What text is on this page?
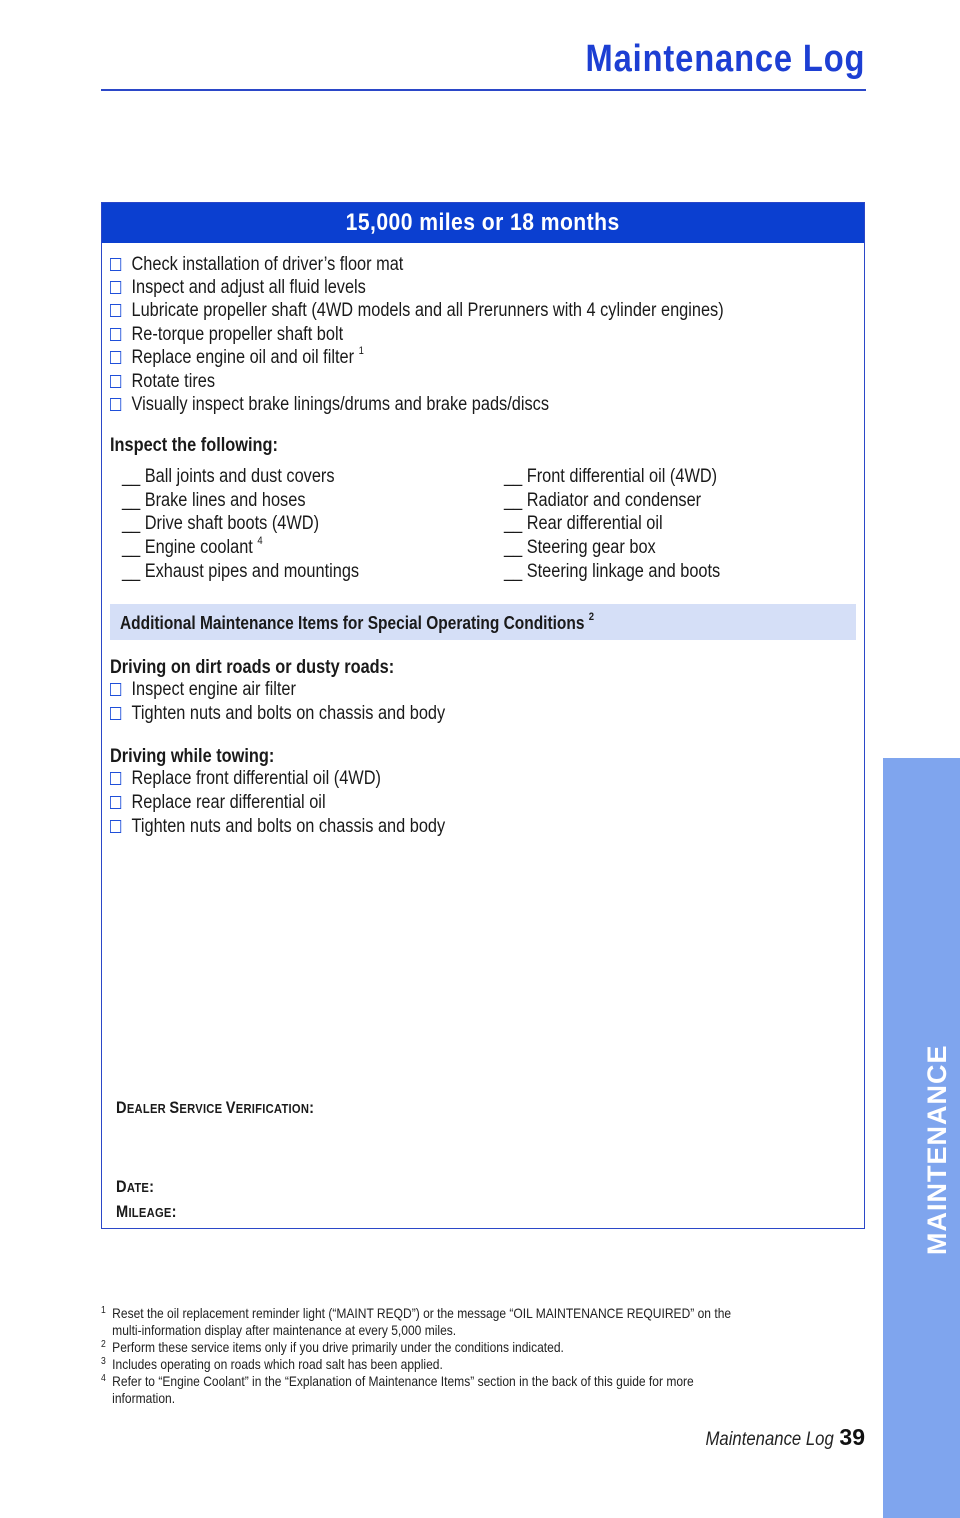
Maintenance Log
15,000 miles or 18 months
Check installation of driver’s floor mat
Inspect and adjust all fluid levels
Lubricate propeller shaft (4WD models and all Prerunners with 4 cylinder engines)
Re-torque propeller shaft bolt
Replace engine oil and oil filter $^1$
Rotate tires
Visually inspect brake linings/drums and brake pads/discs
Inspect the following:
__ Ball joints and dust covers
__ Brake lines and hoses
__ Drive shaft boots (4WD)
__ Engine coolant $^4$
__ Exhaust pipes and mountings
__ Front differential oil (4WD)
__ Radiator and condenser
__ Rear differential oil
__ Steering gear box
__ Steering linkage and boots
Additional Maintenance Items for Special Operating Conditions $^2$
Driving on dirt roads or dusty roads:
Inspect engine air filter
Tighten nuts and bolts on chassis and body
Driving while towing:
Replace front differential oil (4WD)
Replace rear differential oil
Tighten nuts and bolts on chassis and body
DEALER SERVICE VERIFICATION:
DATE:
MILEAGE:
1 Reset the oil replacement reminder light (“MAINT REQD”) or the message “OIL MAINTENANCE REQUIRED” on the
multi-information display after maintenance at every 5,000 miles.
2 Perform these service items only if you drive primarily under the conditions indicated.
3 Includes operating on roads which road salt has been applied.
4 Refer to “Engine Coolant” in the “Explanation of Maintenance Items” section in the back of this guide for more
information.
MAINTENANCE
Maintenance Log 39
